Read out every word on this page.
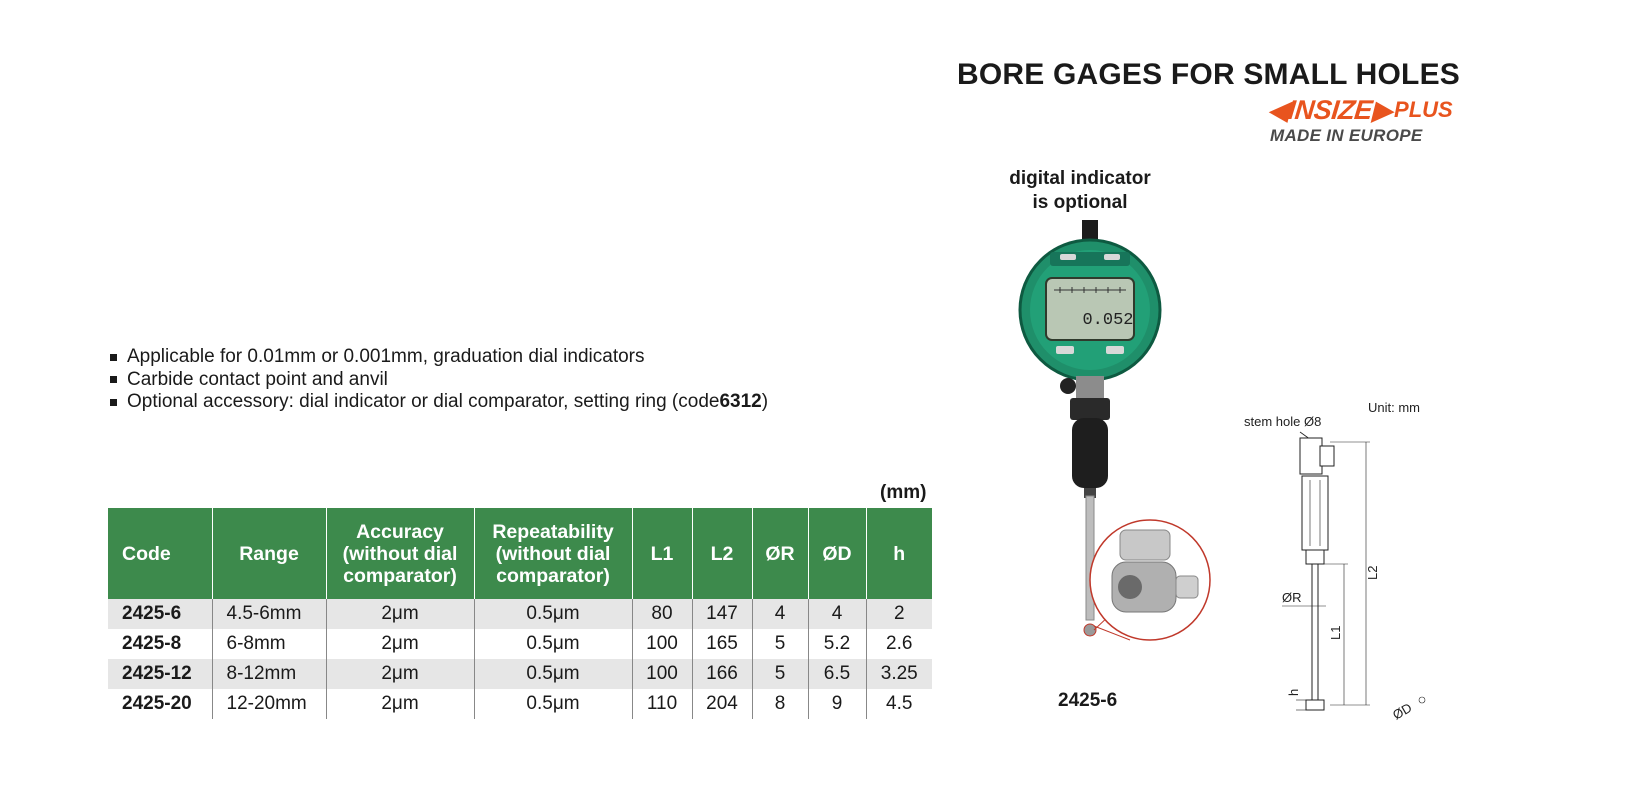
BORE GAGES FOR SMALL HOLES
◀
INSIZE
▶ PLUS
MADE IN EUROPE
Applicable for 0.01mm or 0.001mm, graduation dial indicators
Carbide contact point and anvil
Optional accessory: dial indicator or dial comparator, setting ring (code 6312 )
(mm)
Code	Range	Accuracy (without dial comparator)	Repeatability (without dial comparator)	L1	L2	ØR	ØD	h
2425-6	4.5-6mm	2μm	0.5μm	80	147	4	4	2
2425-8	6-8mm	2μm	0.5μm	100	165	5	5.2	2.6
2425-12	8-12mm	2μm	0.5μm	100	166	5	6.5	3.25
2425-20	12-20mm	2μm	0.5μm	110	204	8	9	4.5
digital indicator
is optional
0.052
2425-6
Unit: mm
stem hole Ø8
L2
L1
ØR
h
ØD
